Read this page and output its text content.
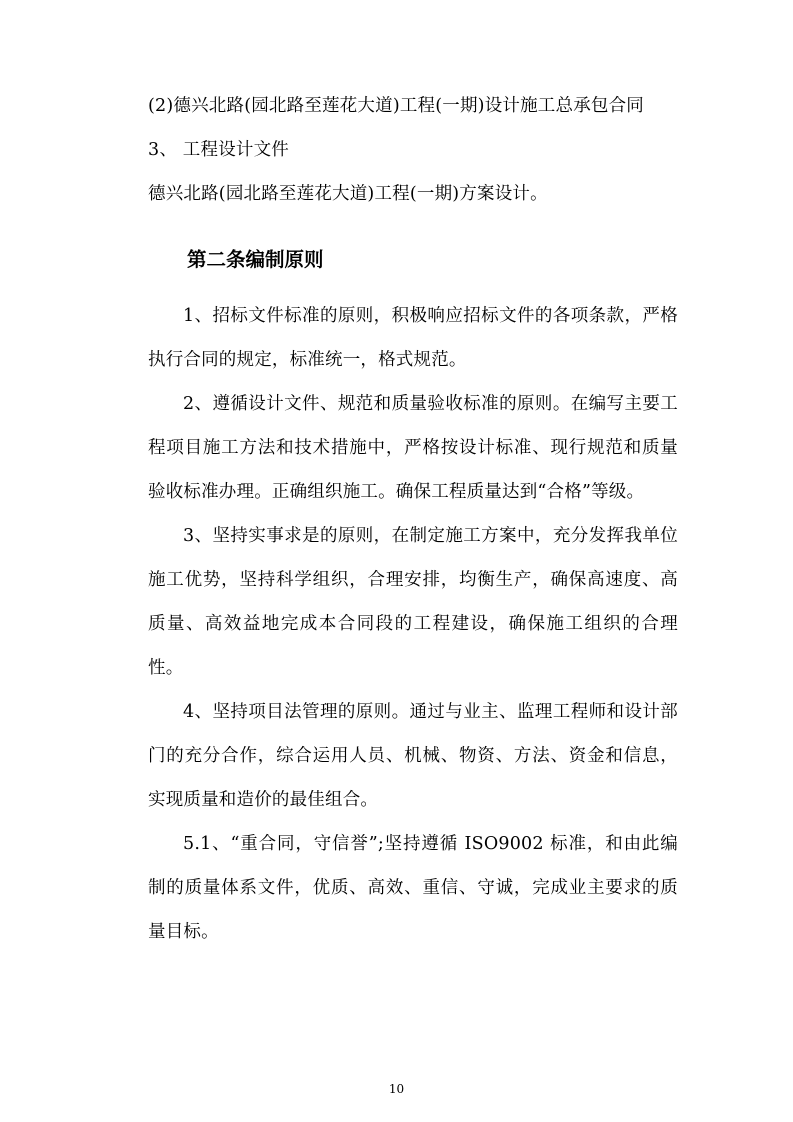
(2)德兴北路(园北路至莲花大道)工程(一期)设计施工总承包合同
3、 工程设计文件
德兴北路(园北路至莲花大道)工程(一期)方案设计。
第二条编制原则
1、招标文件标准的原则，积极响应招标文件的各项条款，严格执行合同的规定，标准统一，格式规范。
2、遵循设计文件、规范和质量验收标准的原则。在编写主要工程项目施工方法和技术措施中，严格按设计标准、现行规范和质量验收标准办理。正确组织施工。确保工程质量达到“合格”等级。
3、坚持实事求是的原则，在制定施工方案中，充分发挥我单位施工优势，坚持科学组织，合理安排，均衡生产，确保高速度、高质量、高效益地完成本合同段的工程建设，确保施工组织的合理性。
4、坚持项目法管理的原则。通过与业主、监理工程师和设计部门的充分合作，综合运用人员、机械、物资、方法、资金和信息，实现质量和造价的最佳组合。
5.1、“重合同，守信誉”;坚持遵循 ISO9002 标准，和由此编制的质量体系文件，优质、高效、重信、守诚，完成业主要求的质量目标。
10
